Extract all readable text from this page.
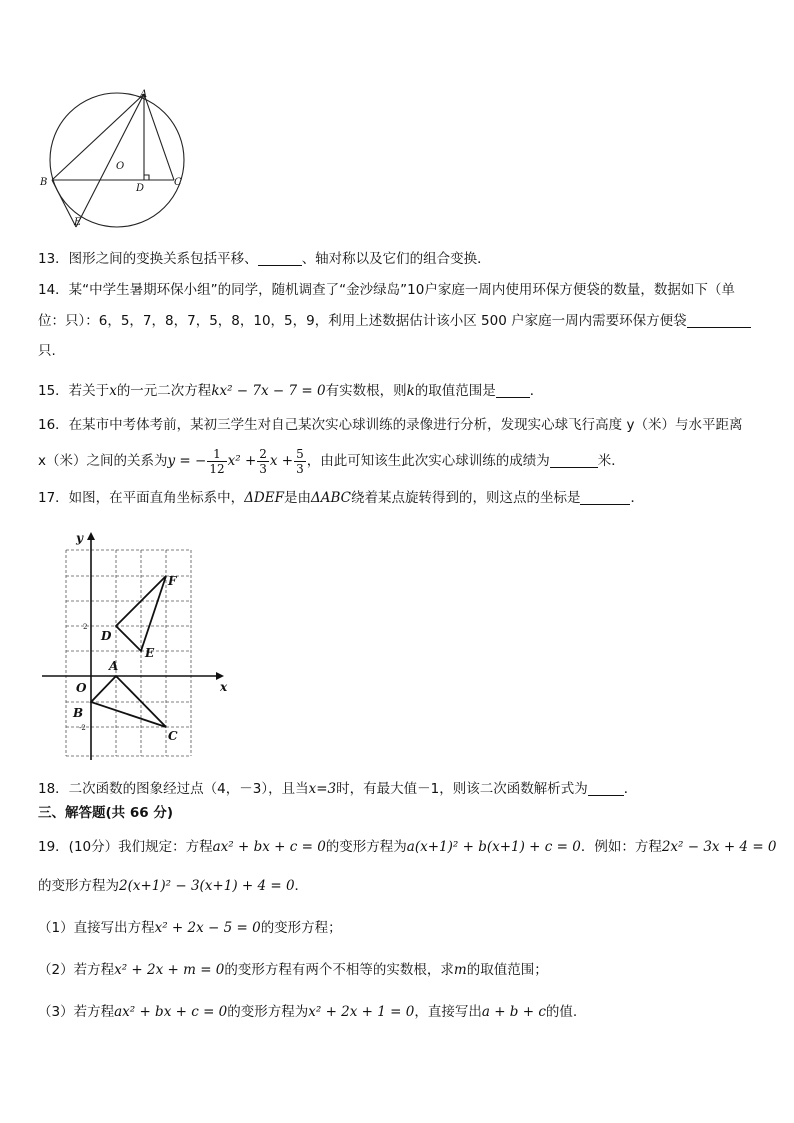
A
B	C
D
E
O
13．图形之间的变换关系包括平移、	、轴对称以及它们的组合变换．
14．某“中学生暑期环保小组”的同学，随机调查了“金沙绿岛”10户家庭一周内使用环保方便袋的数量，数据如下（单
位：只）：6，5，7，8，7，5，8，10，5，9，利用上述数据估计该小区 500 户家庭一周内需要环保方便袋
只.
15．若关于x的一元二次方程kx² − 7x − 7 = 0有实数根，则k的取值范围是	．
16．在某市中考体考前，某初三学生对自己某次实心球训练的录像进行分析，发现实心球飞行高度 y（米）与水平距离
x（米）之间的关系为y = − $\frac{1}{12} x^2 + \frac{2}{3}$ $x + \frac{5}{3}$ ，由此可知该生此次实心球训练的成绩为	米．
17．如图，在平面直角坐标系中，ΔDEF是由ΔABC绕着某点旋转得到的，则这点的坐标是	．
y
x
O
A
B
C
D
E
F
2
-2
18．二次函数的图象经过点（4，－3），且当x=3时，有最大值－1，则该二次函数解析式为	．
三、解答题(共 66 分)
19．(10分）我们规定：方程ax² + bx + c = 0的变形方程为a(x+1)² + b(x+1) + c = 0．例如：方程2x² − 3x + 4 = 0
的变形方程为2(x+1)² − 3(x+1) + 4 = 0．
（1）直接写出方程x² + 2x − 5 = 0的变形方程；
（2）若方程x² + 2x + m = 0的变形方程有两个不相等的实数根，求m的取值范围；
（3）若方程ax² + bx + c = 0的变形方程为x² + 2x + 1 = 0，直接写出a + b + c的值.
